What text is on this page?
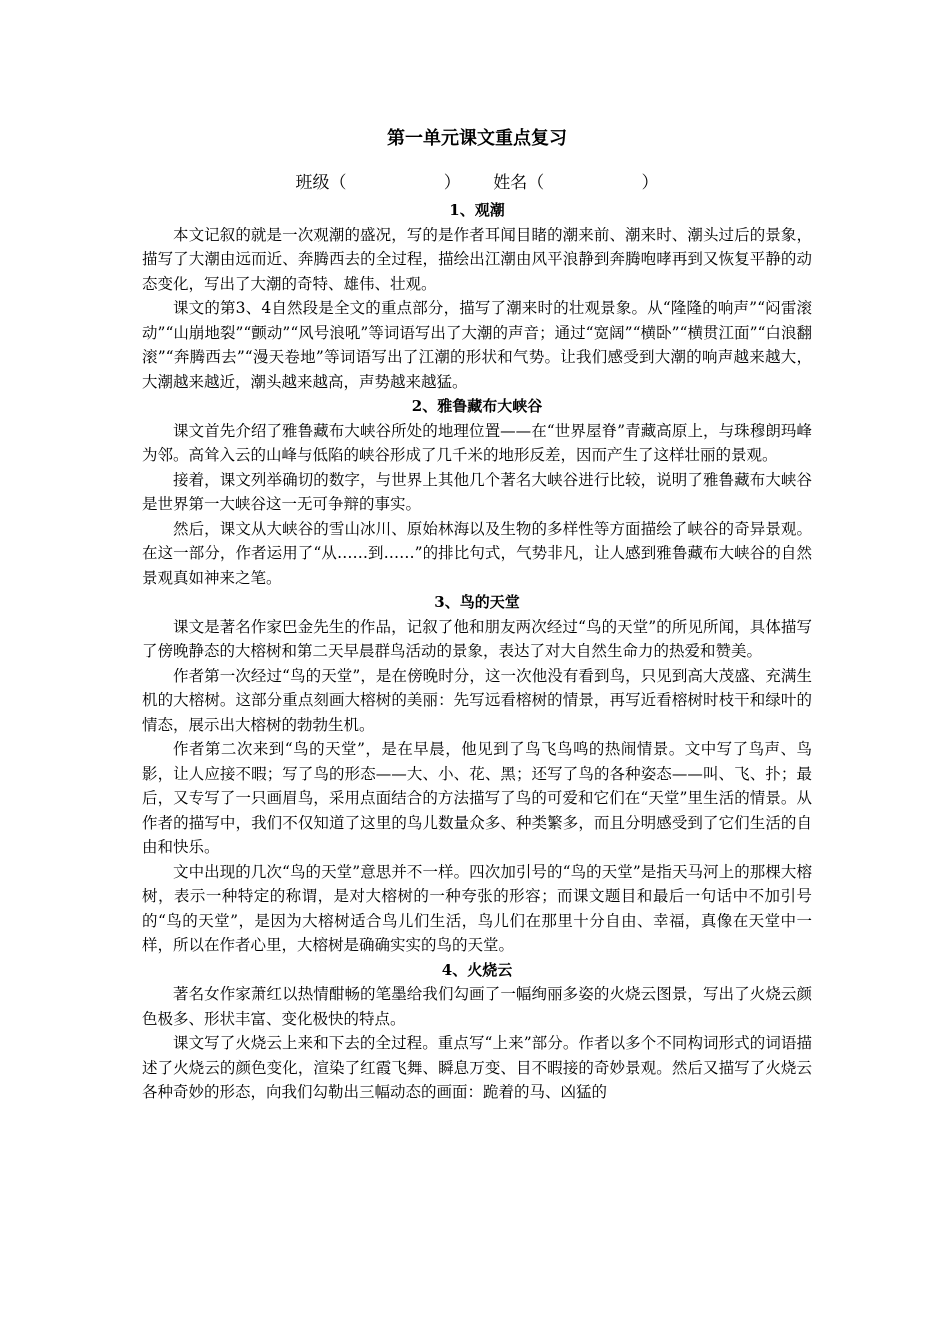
第一单元课文重点复习
班级（	） 姓名（	）
1、观潮

本文记叙的就是一次观潮的盛况，写的是作者耳闻目睹的潮来前、潮来时、潮头过后的景象，描写了大潮由远而近、奔腾西去的全过程，描绘出江潮由风平浪静到奔腾咆哮再到又恢复平静的动态变化，写出了大潮的奇特、雄伟、壮观。

课文的第3、4自然段是全文的重点部分，描写了潮来时的壮观景象。从“隆隆的响声”“闷雷滚动”“山崩地裂”“颤动”“风号浪吼”等词语写出了大潮的声音；通过“宽阔”“横卧”“横贯江面”“白浪翻滚”“奔腾西去”“漫天卷地”等词语写出了江潮的形状和气势。让我们感受到大潮的响声越来越大，大潮越来越近，潮头越来越高，声势越来越猛。

2、雅鲁藏布大峡谷

课文首先介绍了雅鲁藏布大峡谷所处的地理位置——在“世界屋脊”青藏高原上，与珠穆朗玛峰为邻。高耸入云的山峰与低陷的峡谷形成了几千米的地形反差，因而产生了这样壮丽的景观。

接着，课文列举确切的数字，与世界上其他几个著名大峡谷进行比较，说明了雅鲁藏布大峡谷是世界第一大峡谷这一无可争辩的事实。

然后，课文从大峡谷的雪山冰川、原始林海以及生物的多样性等方面描绘了峡谷的奇异景观。在这一部分，作者运用了“从……到……”的排比句式，气势非凡，让人感到雅鲁藏布大峡谷的自然景观真如神来之笔。

3、鸟的天堂

课文是著名作家巴金先生的作品，记叙了他和朋友两次经过“鸟的天堂”的所见所闻，具体描写了傍晚静态的大榕树和第二天早晨群鸟活动的景象，表达了对大自然生命力的热爱和赞美。

作者第一次经过“鸟的天堂”，是在傍晚时分，这一次他没有看到鸟，只见到高大茂盛、充满生机的大榕树。这部分重点刻画大榕树的美丽：先写远看榕树的情景，再写近看榕树时枝干和绿叶的情态，展示出大榕树的勃勃生机。

作者第二次来到“鸟的天堂”，是在早晨，他见到了鸟飞鸟鸣的热闹情景。文中写了鸟声、鸟影，让人应接不暇；写了鸟的形态——大、小、花、黑；还写了鸟的各种姿态——叫、飞、扑；最后，又专写了一只画眉鸟，采用点面结合的方法描写了鸟的可爱和它们在“天堂”里生活的情景。从作者的描写中，我们不仅知道了这里的鸟儿数量众多、种类繁多，而且分明感受到了它们生活的自由和快乐。

文中出现的几次“鸟的天堂”意思并不一样。四次加引号的“鸟的天堂”是指天马河上的那棵大榕树，表示一种特定的称谓，是对大榕树的一种夸张的形容；而课文题目和最后一句话中不加引号的“鸟的天堂”，是因为大榕树适合鸟儿们生活，鸟儿们在那里十分自由、幸福，真像在天堂中一样，所以在作者心里，大榕树是确确实实的鸟的天堂。

4、火烧云

著名女作家萧红以热情酣畅的笔墨给我们勾画了一幅绚丽多姿的火烧云图景，写出了火烧云颜色极多、形状丰富、变化极快的特点。

课文写了火烧云上来和下去的全过程。重点写“上来”部分。作者以多个不同构词形式的词语描述了火烧云的颜色变化，渲染了红霞飞舞、瞬息万变、目不暇接的奇妙景观。然后又描写了火烧云各种奇妙的形态，向我们勾勒出三幅动态的画面：跪着的马、凶猛的
